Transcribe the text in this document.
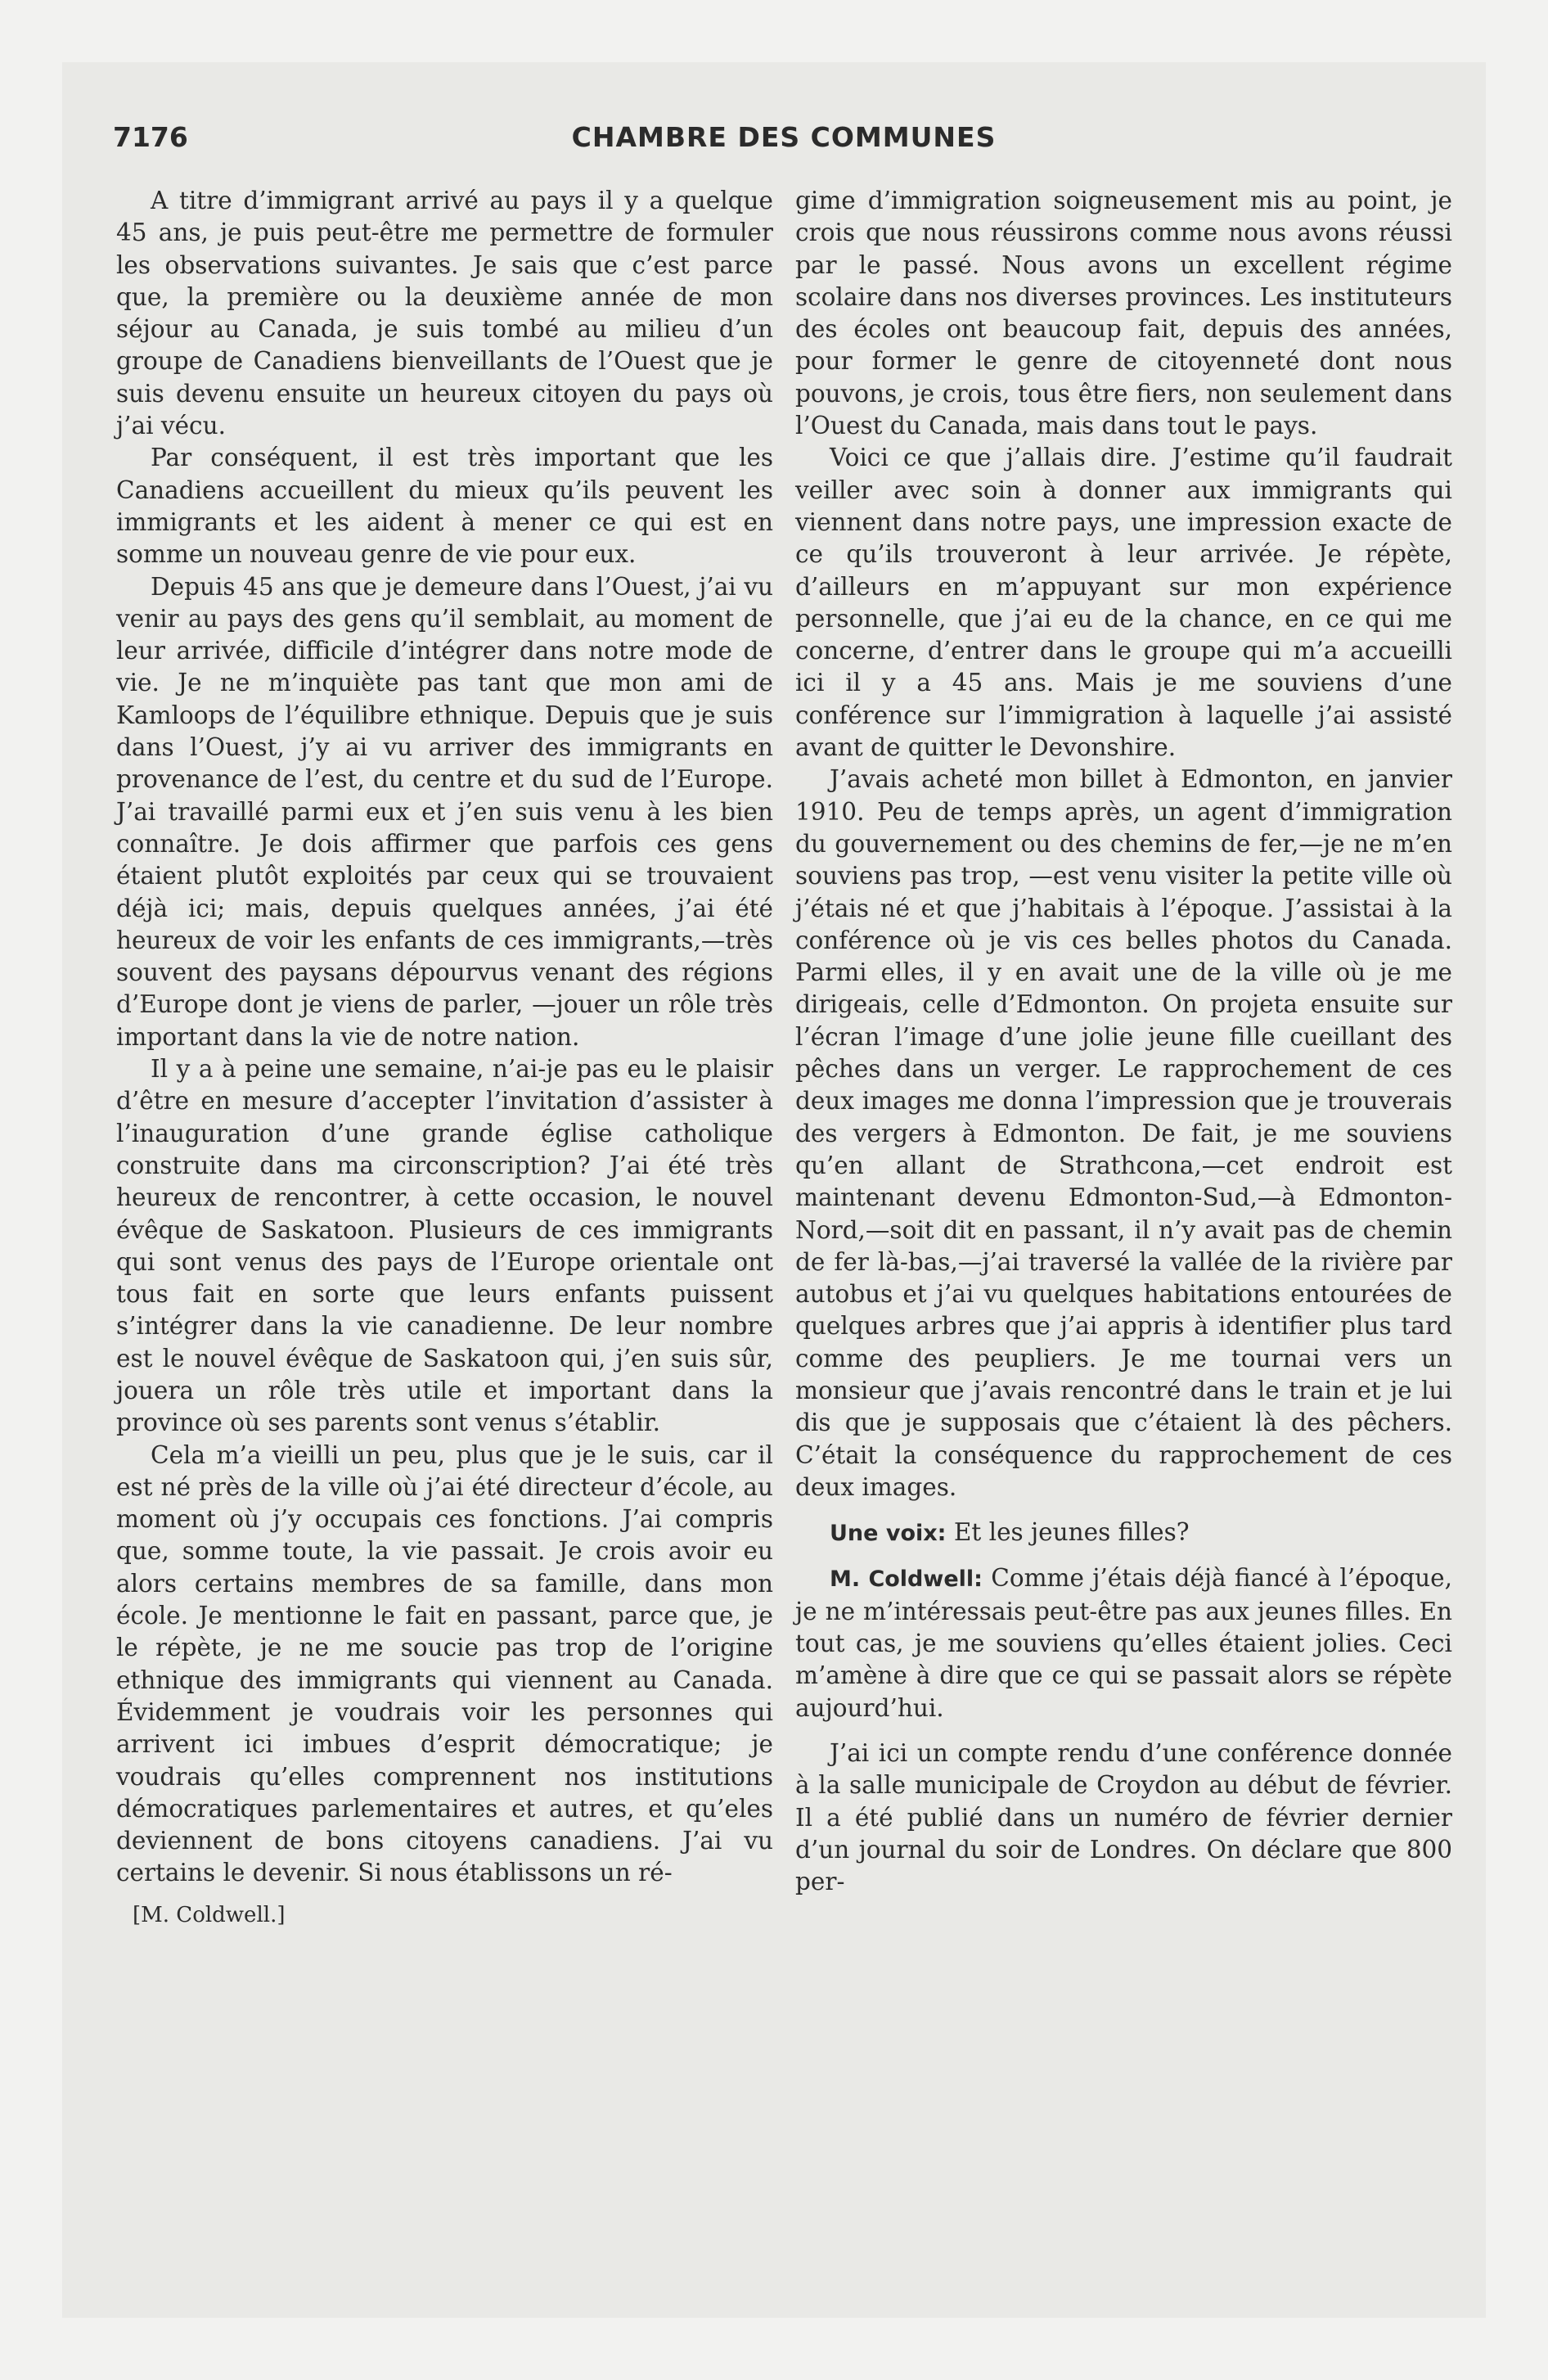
7176	CHAMBRE DES COMMUNES

A titre d’immigrant arrivé au pays il y a quelque 45 ans, je puis peut-être me permettre de formuler les observations suivantes. Je sais que c’est parce que, la première ou la deuxième année de mon séjour au Canada, je suis tombé au milieu d’un groupe de Canadiens bienveillants de l’Ouest que je suis devenu ensuite un heureux citoyen du pays où j’ai vécu.

Par conséquent, il est très important que les Canadiens accueillent du mieux qu’ils peuvent les immigrants et les aident à mener ce qui est en somme un nouveau genre de vie pour eux.

Depuis 45 ans que je demeure dans l’Ouest, j’ai vu venir au pays des gens qu’il semblait, au moment de leur arrivée, difficile d’intégrer dans notre mode de vie. Je ne m’inquiète pas tant que mon ami de Kamloops de l’équilibre ethnique. Depuis que je suis dans l’Ouest, j’y ai vu arriver des immigrants en provenance de l’est, du centre et du sud de l’Europe. J’ai travaillé parmi eux et j’en suis venu à les bien connaître. Je dois affirmer que parfois ces gens étaient plutôt exploités par ceux qui se trouvaient déjà ici; mais, depuis quelques années, j’ai été heureux de voir les enfants de ces immigrants,—très souvent des paysans dépourvus venant des régions d’Europe dont je viens de parler, —jouer un rôle très important dans la vie de notre nation.

Il y a à peine une semaine, n’ai-je pas eu le plaisir d’être en mesure d’accepter l’invitation d’assister à l’inauguration d’une grande église catholique construite dans ma circonscription? J’ai été très heureux de rencontrer, à cette occasion, le nouvel évêque de Saskatoon. Plusieurs de ces immigrants qui sont venus des pays de l’Europe orientale ont tous fait en sorte que leurs enfants puissent s’intégrer dans la vie canadienne. De leur nombre est le nouvel évêque de Saskatoon qui, j’en suis sûr, jouera un rôle très utile et important dans la province où ses parents sont venus s’établir.

Cela m’a vieilli un peu, plus que je le suis, car il est né près de la ville où j’ai été directeur d’école, au moment où j’y occupais ces fonctions. J’ai compris que, somme toute, la vie passait. Je crois avoir eu alors certains membres de sa famille, dans mon école. Je mentionne le fait en passant, parce que, je le répète, je ne me soucie pas trop de l’origine ethnique des immigrants qui viennent au Canada. Évidemment je voudrais voir les personnes qui arrivent ici imbues d’esprit démocratique; je voudrais qu’elles comprennent nos institutions démocratiques parlementaires et autres, et qu’eles deviennent de bons citoyens canadiens. J’ai vu certains le devenir. Si nous établissons un ré-

[M. Coldwell.]

gime d’immigration soigneusement mis au point, je crois que nous réussirons comme nous avons réussi par le passé. Nous avons un excellent régime scolaire dans nos diverses provinces. Les instituteurs des écoles ont beaucoup fait, depuis des années, pour former le genre de citoyenneté dont nous pouvons, je crois, tous être fiers, non seulement dans l’Ouest du Canada, mais dans tout le pays.

Voici ce que j’allais dire. J’estime qu’il faudrait veiller avec soin à donner aux immigrants qui viennent dans notre pays, une impression exacte de ce qu’ils trouveront à leur arrivée. Je répète, d’ailleurs en m’appuyant sur mon expérience personnelle, que j’ai eu de la chance, en ce qui me concerne, d’entrer dans le groupe qui m’a accueilli ici il y a 45 ans. Mais je me souviens d’une conférence sur l’immigration à laquelle j’ai assisté avant de quitter le Devonshire.

J’avais acheté mon billet à Edmonton, en janvier 1910. Peu de temps après, un agent d’immigration du gouvernement ou des chemins de fer,—je ne m’en souviens pas trop, —est venu visiter la petite ville où j’étais né et que j’habitais à l’époque. J’assistai à la conférence où je vis ces belles photos du Canada. Parmi elles, il y en avait une de la ville où je me dirigeais, celle d’Edmonton. On projeta ensuite sur l’écran l’image d’une jolie jeune fille cueillant des pêches dans un verger. Le rapprochement de ces deux images me donna l’impression que je trouverais des vergers à Edmonton. De fait, je me souviens qu’en allant de Strathcona,—cet endroit est maintenant devenu Edmonton-Sud,—à Edmonton-Nord,—soit dit en passant, il n’y avait pas de chemin de fer là-bas,—j’ai traversé la vallée de la rivière par autobus et j’ai vu quelques habitations entourées de quelques arbres que j’ai appris à identifier plus tard comme des peupliers. Je me tournai vers un monsieur que j’avais rencontré dans le train et je lui dis que je supposais que c’étaient là des pêchers. C’était la conséquence du rapprochement de ces deux images.

Une voix: Et les jeunes filles?

M. Coldwell: Comme j’étais déjà fiancé à l’époque, je ne m’intéressais peut-être pas aux jeunes filles. En tout cas, je me souviens qu’elles étaient jolies. Ceci m’amène à dire que ce qui se passait alors se répète aujourd’hui.

J’ai ici un compte rendu d’une conférence donnée à la salle municipale de Croydon au début de février. Il a été publié dans un numéro de février dernier d’un journal du soir de Londres. On déclare que 800 per-
